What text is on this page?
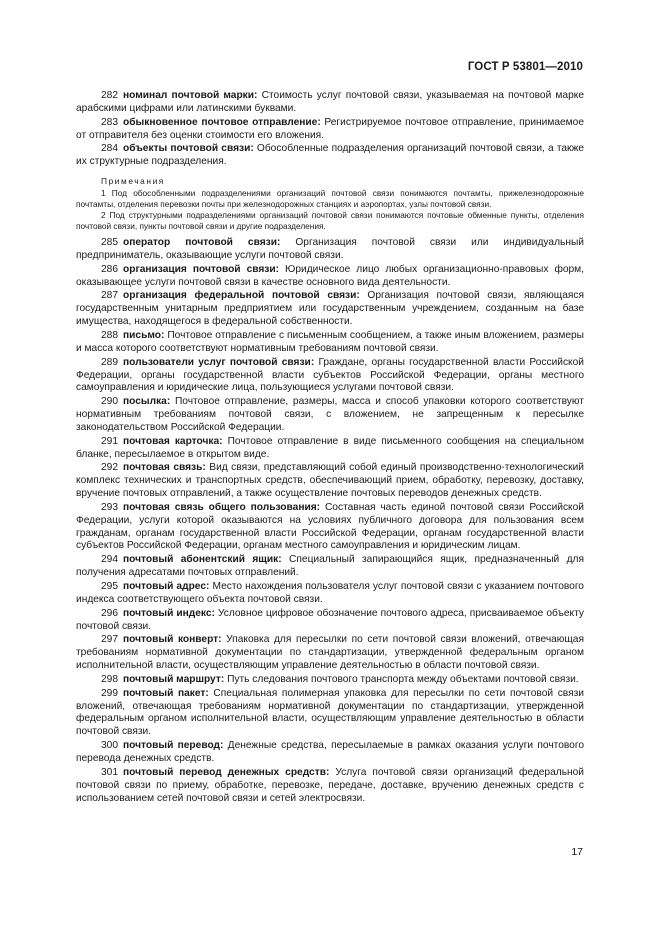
ГОСТ Р 53801—2010

282 номинал почтовой марки: Стоимость услуг почтовой связи, указываемая на почтовой марке арабскими цифрами или латинскими буквами.

283 обыкновенное почтовое отправление: Регистрируемое почтовое отправление, принимаемое от отправителя без оценки стоимости его вложения.

284 объекты почтовой связи: Обособленные подразделения организаций почтовой связи, а также их структурные подразделения.

Примечания

1 Под обособленными подразделениями организаций почтовой связи понимаются почтамты, прижелезнодорожные почтамты, отделения перевозки почты при железнодорожных станциях и аэропортах, узлы почтовой связи.

2 Под структурными подразделениями организаций почтовой связи понимаются почтовые обменные пункты, отделения почтовой связи, пункты почтовой связи и другие подразделения.

285 оператор почтовой связи: Организация почтовой связи или индивидуальный предприниматель, оказывающие услуги почтовой связи.

286 организация почтовой связи: Юридическое лицо любых организационно-правовых форм, оказывающее услуги почтовой связи в качестве основного вида деятельности.

287 организация федеральной почтовой связи: Организация почтовой связи, являющаяся государственным унитарным предприятием или государственным учреждением, созданным на базе имущества, находящегося в федеральной собственности.

288 письмо: Почтовое отправление с письменным сообщением, а также иным вложением, размеры и масса которого соответствуют нормативным требованиям почтовой связи.

289 пользователи услуг почтовой связи: Граждане, органы государственной власти Российской Федерации, органы государственной власти субъектов Российской Федерации, органы местного самоуправления и юридические лица, пользующиеся услугами почтовой связи.

290 посылка: Почтовое отправление, размеры, масса и способ упаковки которого соответствуют нормативным требованиям почтовой связи, с вложением, не запрещенным к пересылке законодательством Российской Федерации.

291 почтовая карточка: Почтовое отправление в виде письменного сообщения на специальном бланке, пересылаемое в открытом виде.

292 почтовая связь: Вид связи, представляющий собой единый производственно-технологический комплекс технических и транспортных средств, обеспечивающий прием, обработку, перевозку, доставку, вручение почтовых отправлений, а также осуществление почтовых переводов денежных средств.

293 почтовая связь общего пользования: Составная часть единой почтовой связи Российской Федерации, услуги которой оказываются на условиях публичного договора для пользования всем гражданам, органам государственной власти Российской Федерации, органам государственной власти субъектов Российской Федерации, органам местного самоуправления и юридическим лицам.

294 почтовый абонентский ящик: Специальный запирающийся ящик, предназначенный для получения адресатами почтовых отправлений.

295 почтовый адрес: Место нахождения пользователя услуг почтовой связи с указанием почтового индекса соответствующего объекта почтовой связи.

296 почтовый индекс: Условное цифровое обозначение почтового адреса, присваиваемое объекту почтовой связи.

297 почтовый конверт: Упаковка для пересылки по сети почтовой связи вложений, отвечающая требованиям нормативной документации по стандартизации, утвержденной федеральным органом исполнительной власти, осуществляющим управление деятельностью в области почтовой связи.

298 почтовый маршрут: Путь следования почтового транспорта между объектами почтовой связи.

299 почтовый пакет: Специальная полимерная упаковка для пересылки по сети почтовой связи вложений, отвечающая требованиям нормативной документации по стандартизации, утвержденной федеральным органом исполнительной власти, осуществляющим управление деятельностью в области почтовой связи.

300 почтовый перевод: Денежные средства, пересылаемые в рамках оказания услуги почтового перевода денежных средств.

301 почтовый перевод денежных средств: Услуга почтовой связи организаций федеральной почтовой связи по приему, обработке, перевозке, передаче, доставке, вручению денежных средств с использованием сетей почтовой связи и сетей электросвязи.

17
